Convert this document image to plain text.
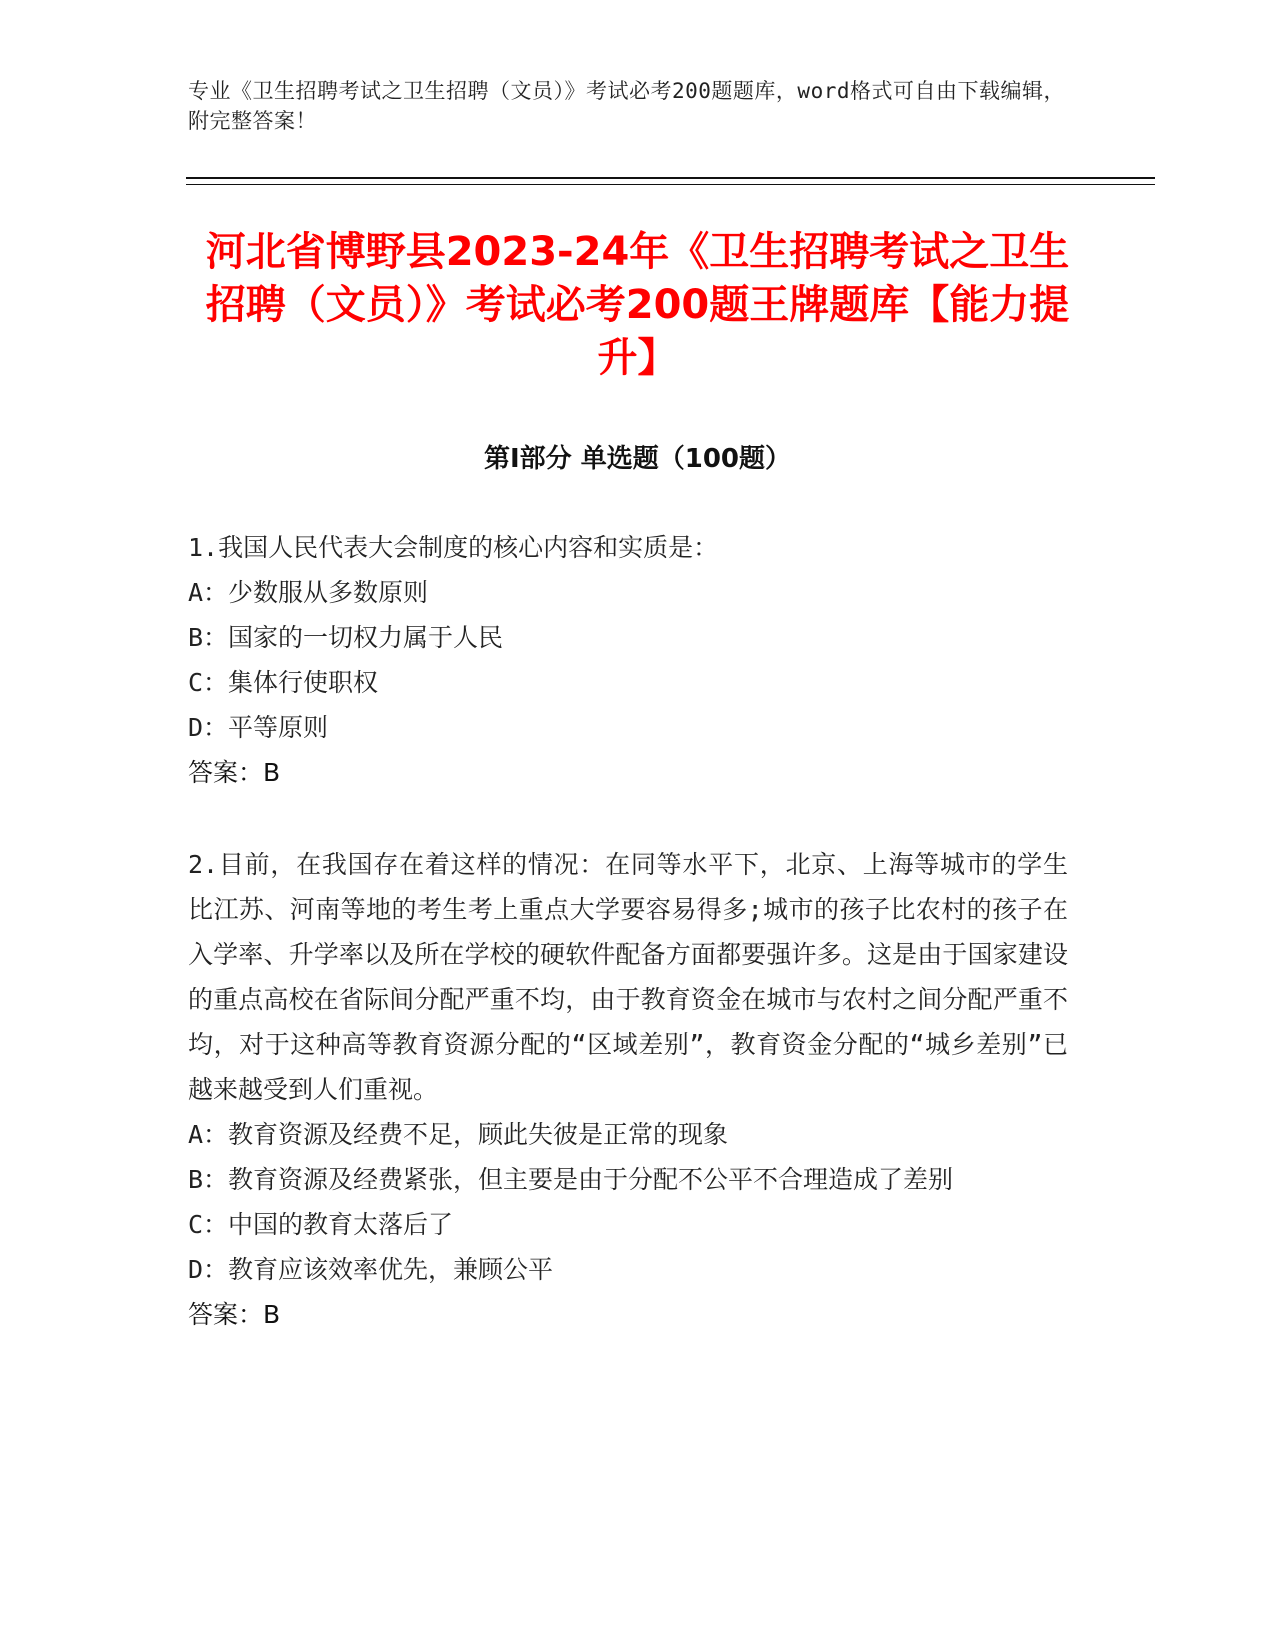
专业《卫生招聘考试之卫生招聘（文员）》考试必考200题题库，word格式可自由下载编辑，附完整答案！
河北省博野县2023-24年《卫生招聘考试之卫生招聘（文员）》考试必考200题王牌题库【能力提升】
第Ⅰ部分 单选题（100题）
1.我国人民代表大会制度的核心内容和实质是：
A：少数服从多数原则
B：国家的一切权力属于人民
C：集体行使职权
D：平等原则
答案：B
2.目前，在我国存在着这样的情况：在同等水平下，北京、上海等城市的学生比江苏、河南等地的考生考上重点大学要容易得多;城市的孩子比农村的孩子在入学率、升学率以及所在学校的硬软件配备方面都要强许多。这是由于国家建设的重点高校在省际间分配严重不均，由于教育资金在城市与农村之间分配严重不均，对于这种高等教育资源分配的“区域差别”，教育资金分配的“城乡差别”已越来越受到人们重视。
A：教育资源及经费不足，顾此失彼是正常的现象
B：教育资源及经费紧张，但主要是由于分配不公平不合理造成了差别
C：中国的教育太落后了
D：教育应该效率优先，兼顾公平
答案：B
